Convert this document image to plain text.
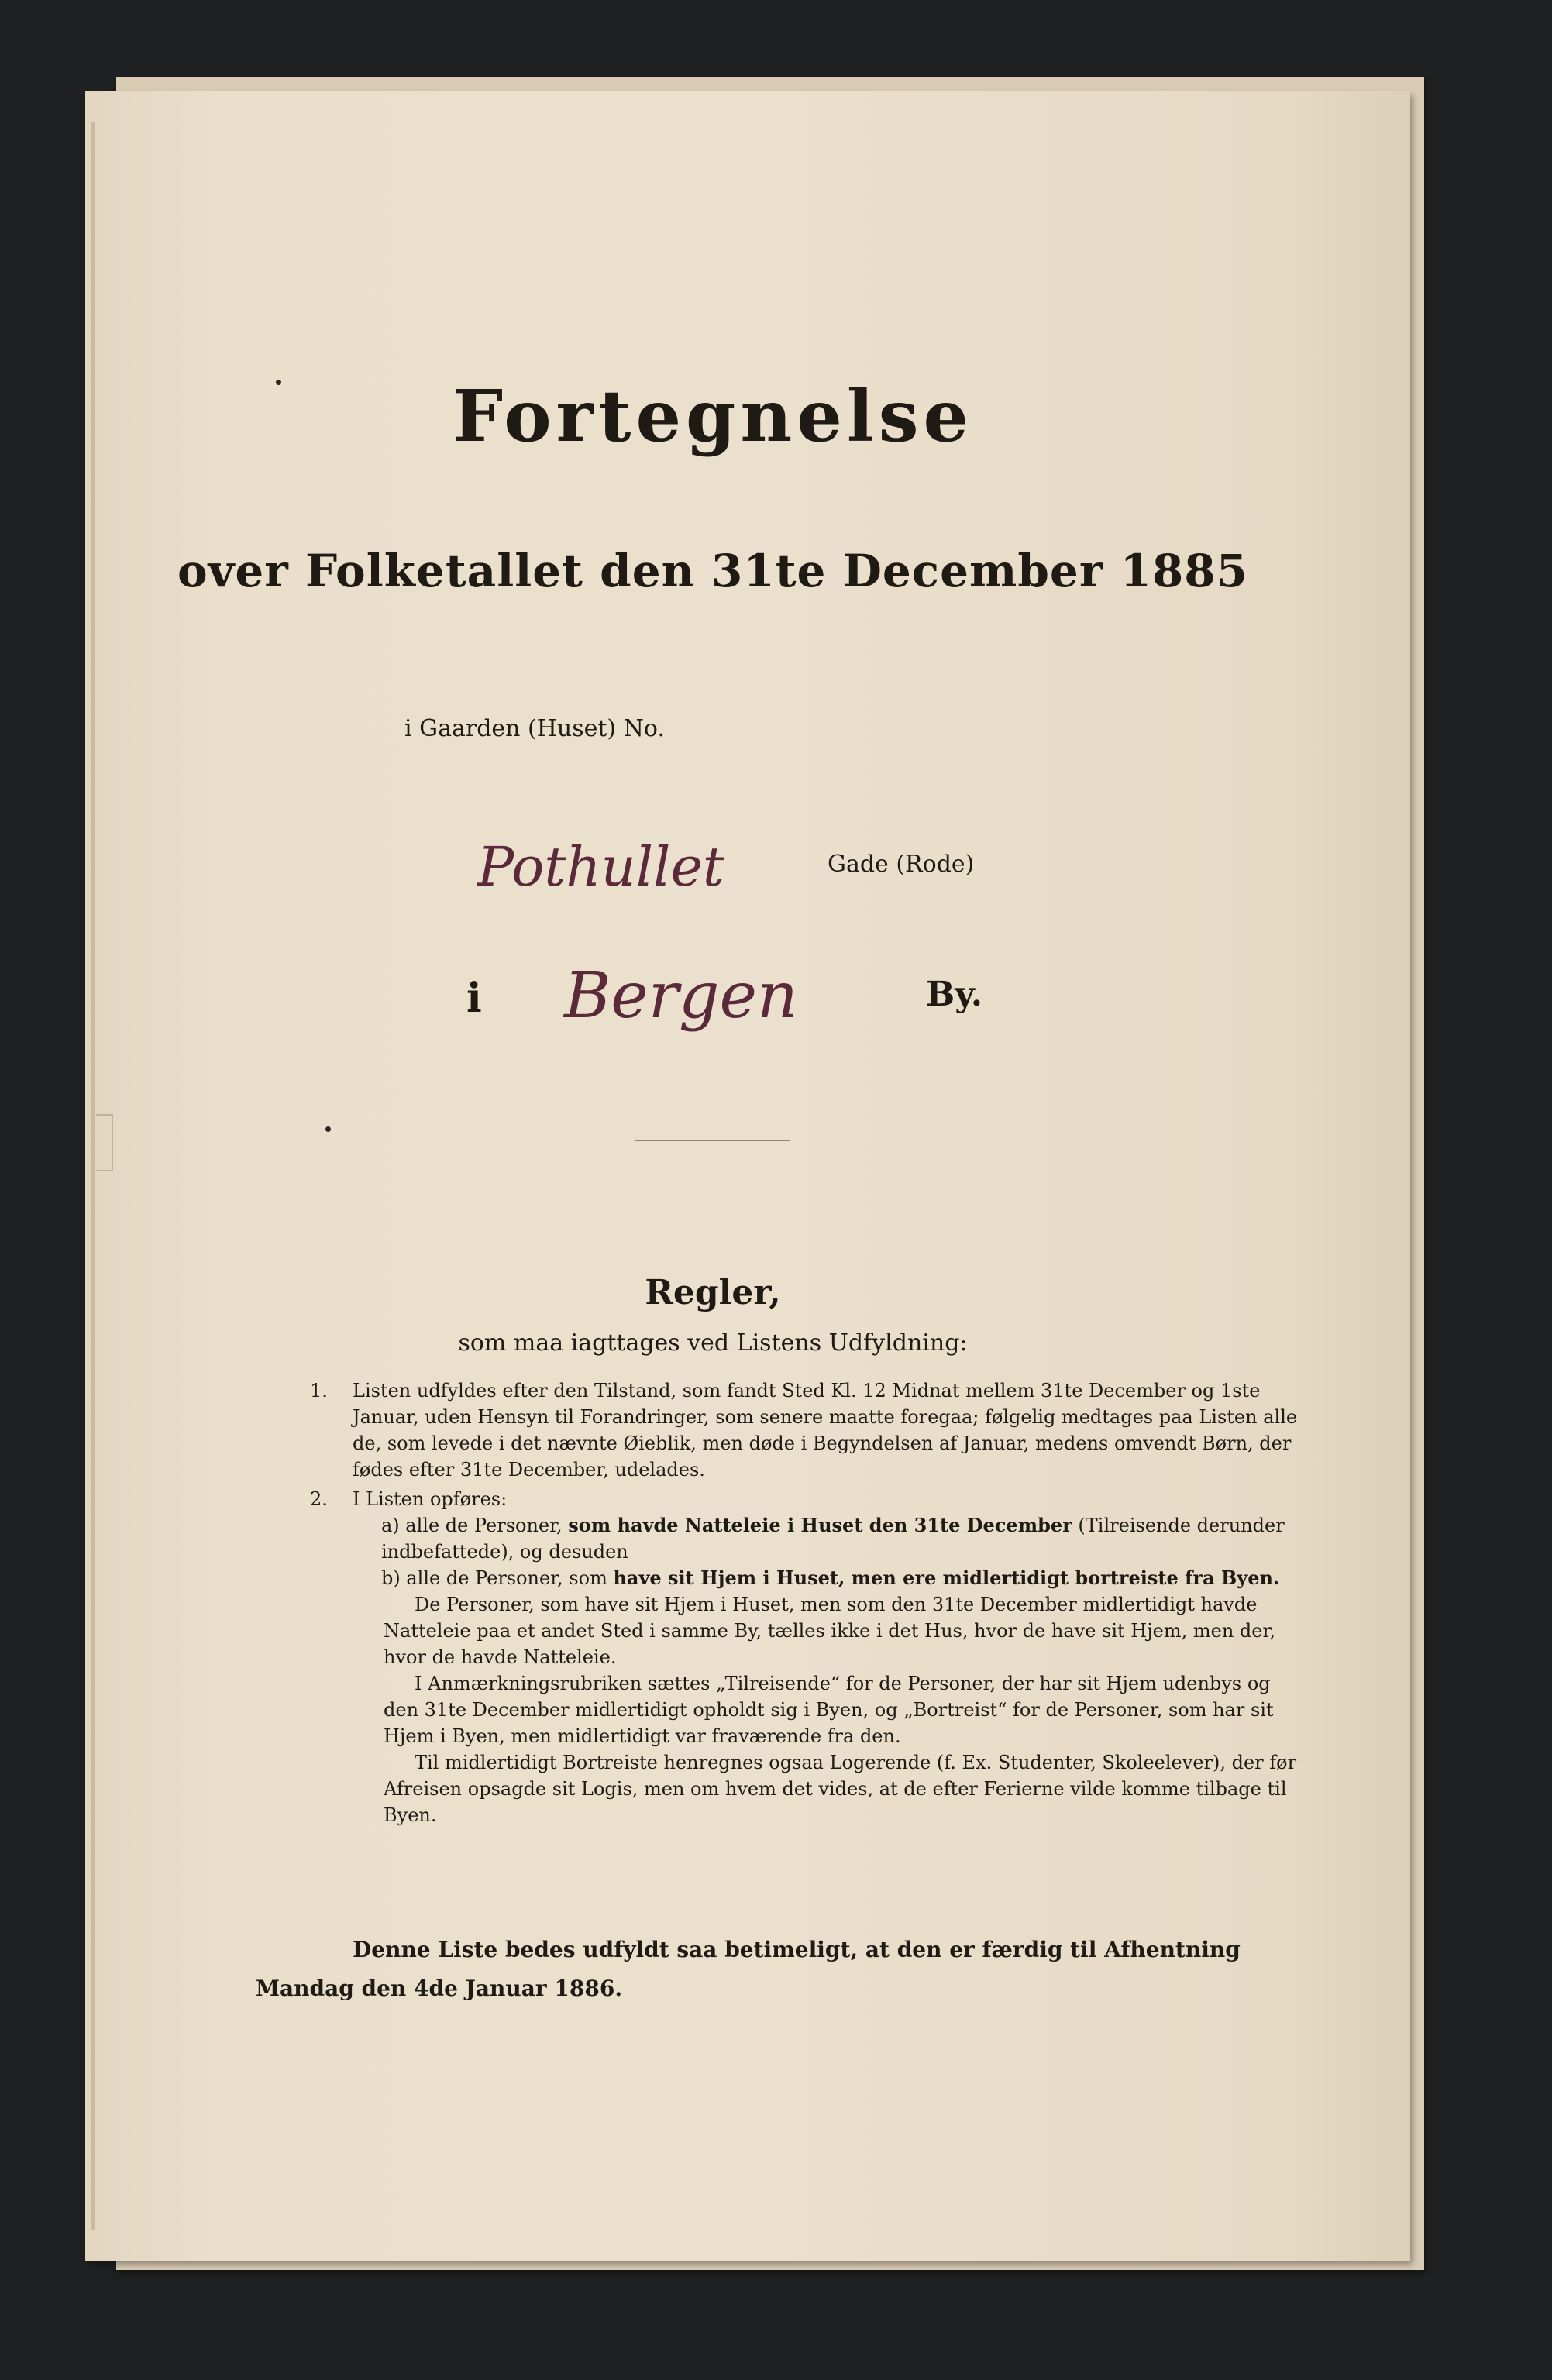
Fortegnelse
over Folketallet den 31te December 1885
i Gaarden (Huset) No.
Pothullet	Gade (Rode)
i Bergen	By.
Regler,
som maa iagttages ved Listens Udfyldning:
1. Listen udfyldes efter den Tilstand, som fandt Sted Kl. 12 Midnat mellem 31te December og 1ste Januar, uden Hensyn til Forandringer, som senere maatte foregaa; følgelig medtages paa Listen alle de, som levede i det nævnte Øieblik, men døde i Begyndelsen af Januar, medens omvendt Børn, der fødes efter 31te December, udelades.
2. I Listen opføres:
a) alle de Personer, som havde Natteleie i Huset den 31te December (Tilreisende derunder indbefattede), og desuden
b) alle de Personer, som have sit Hjem i Huset, men ere midlertidigt bortreiste fra Byen.
De Personer, som have sit Hjem i Huset, men som den 31te December midlertidigt havde Natteleie paa et andet Sted i samme By, tælles ikke i det Hus, hvor de have sit Hjem, men der, hvor de havde Natteleie.
I Anmærkningsrubriken sættes „Tilreisende“ for de Personer, der har sit Hjem udenbys og den 31te December midlertidigt opholdt sig i Byen, og „Bortreist“ for de Personer, som har sit Hjem i Byen, men midlertidigt var fraværende fra den.
Til midlertidigt Bortreiste henregnes ogsaa Logerende (f. Ex. Studenter, Skoleelever), der før Afreisen opsagde sit Logis, men om hvem det vides, at de efter Ferierne vilde komme tilbage til Byen.
Denne Liste bedes udfyldt saa betimeligt, at den er færdig til Afhentning
Mandag den 4de Januar 1886.
